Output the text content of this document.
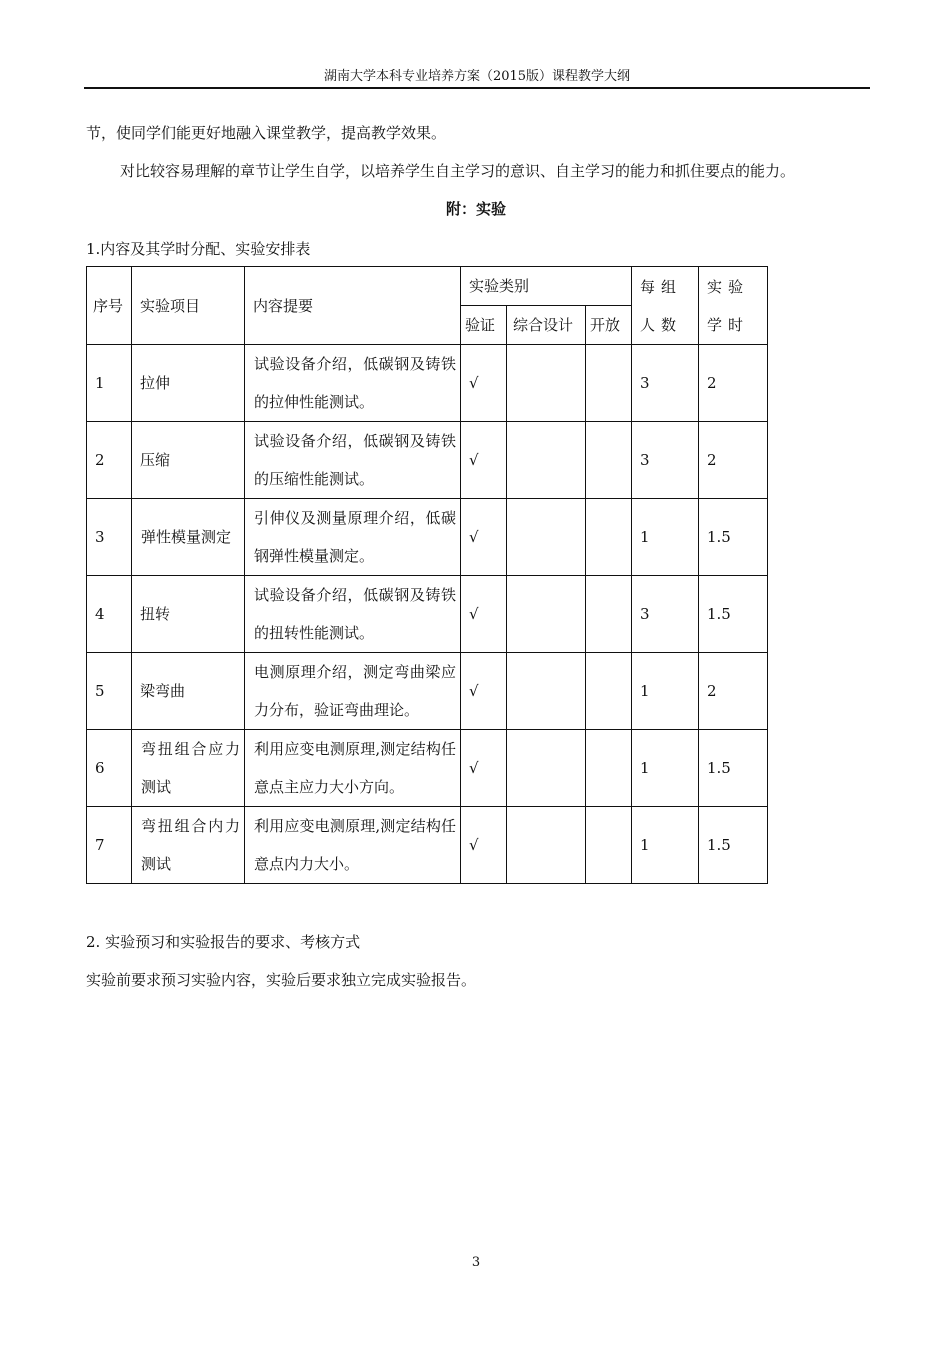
湖南大学本科专业培养方案（2015版）课程教学大纲
节，使同学们能更好地融入课堂教学，提高教学效果。
对比较容易理解的章节让学生自学，以培养学生自主学习的意识、自主学习的能力和抓住要点的能力。
附：实验
1.内容及其学时分配、实验安排表
序号	实验项目	内容提要	实验类别			每组人数	实验学时
			验证	综合设计	开放		
1	拉伸	试验设备介绍，低碳钢及铸铁的拉伸性能测试。	√			3	2
2	压缩	试验设备介绍，低碳钢及铸铁的压缩性能测试。	√			3	2
3	弹性模量测定	引伸仪及测量原理介绍，低碳钢弹性模量测定。	√			1	1.5
4	扭转	试验设备介绍，低碳钢及铸铁的扭转性能测试。	√			3	1.5
5	梁弯曲	电测原理介绍，测定弯曲梁应力分布，验证弯曲理论。	√			1	2
6	弯扭组合应力测试	利用应变电测原理,测定结构任意点主应力大小方向。	√			1	1.5
7	弯扭组合内力测试	利用应变电测原理,测定结构任意点内力大小。	√			1	1.5
2. 实验预习和实验报告的要求、考核方式
实验前要求预习实验内容，实验后要求独立完成实验报告。
3
